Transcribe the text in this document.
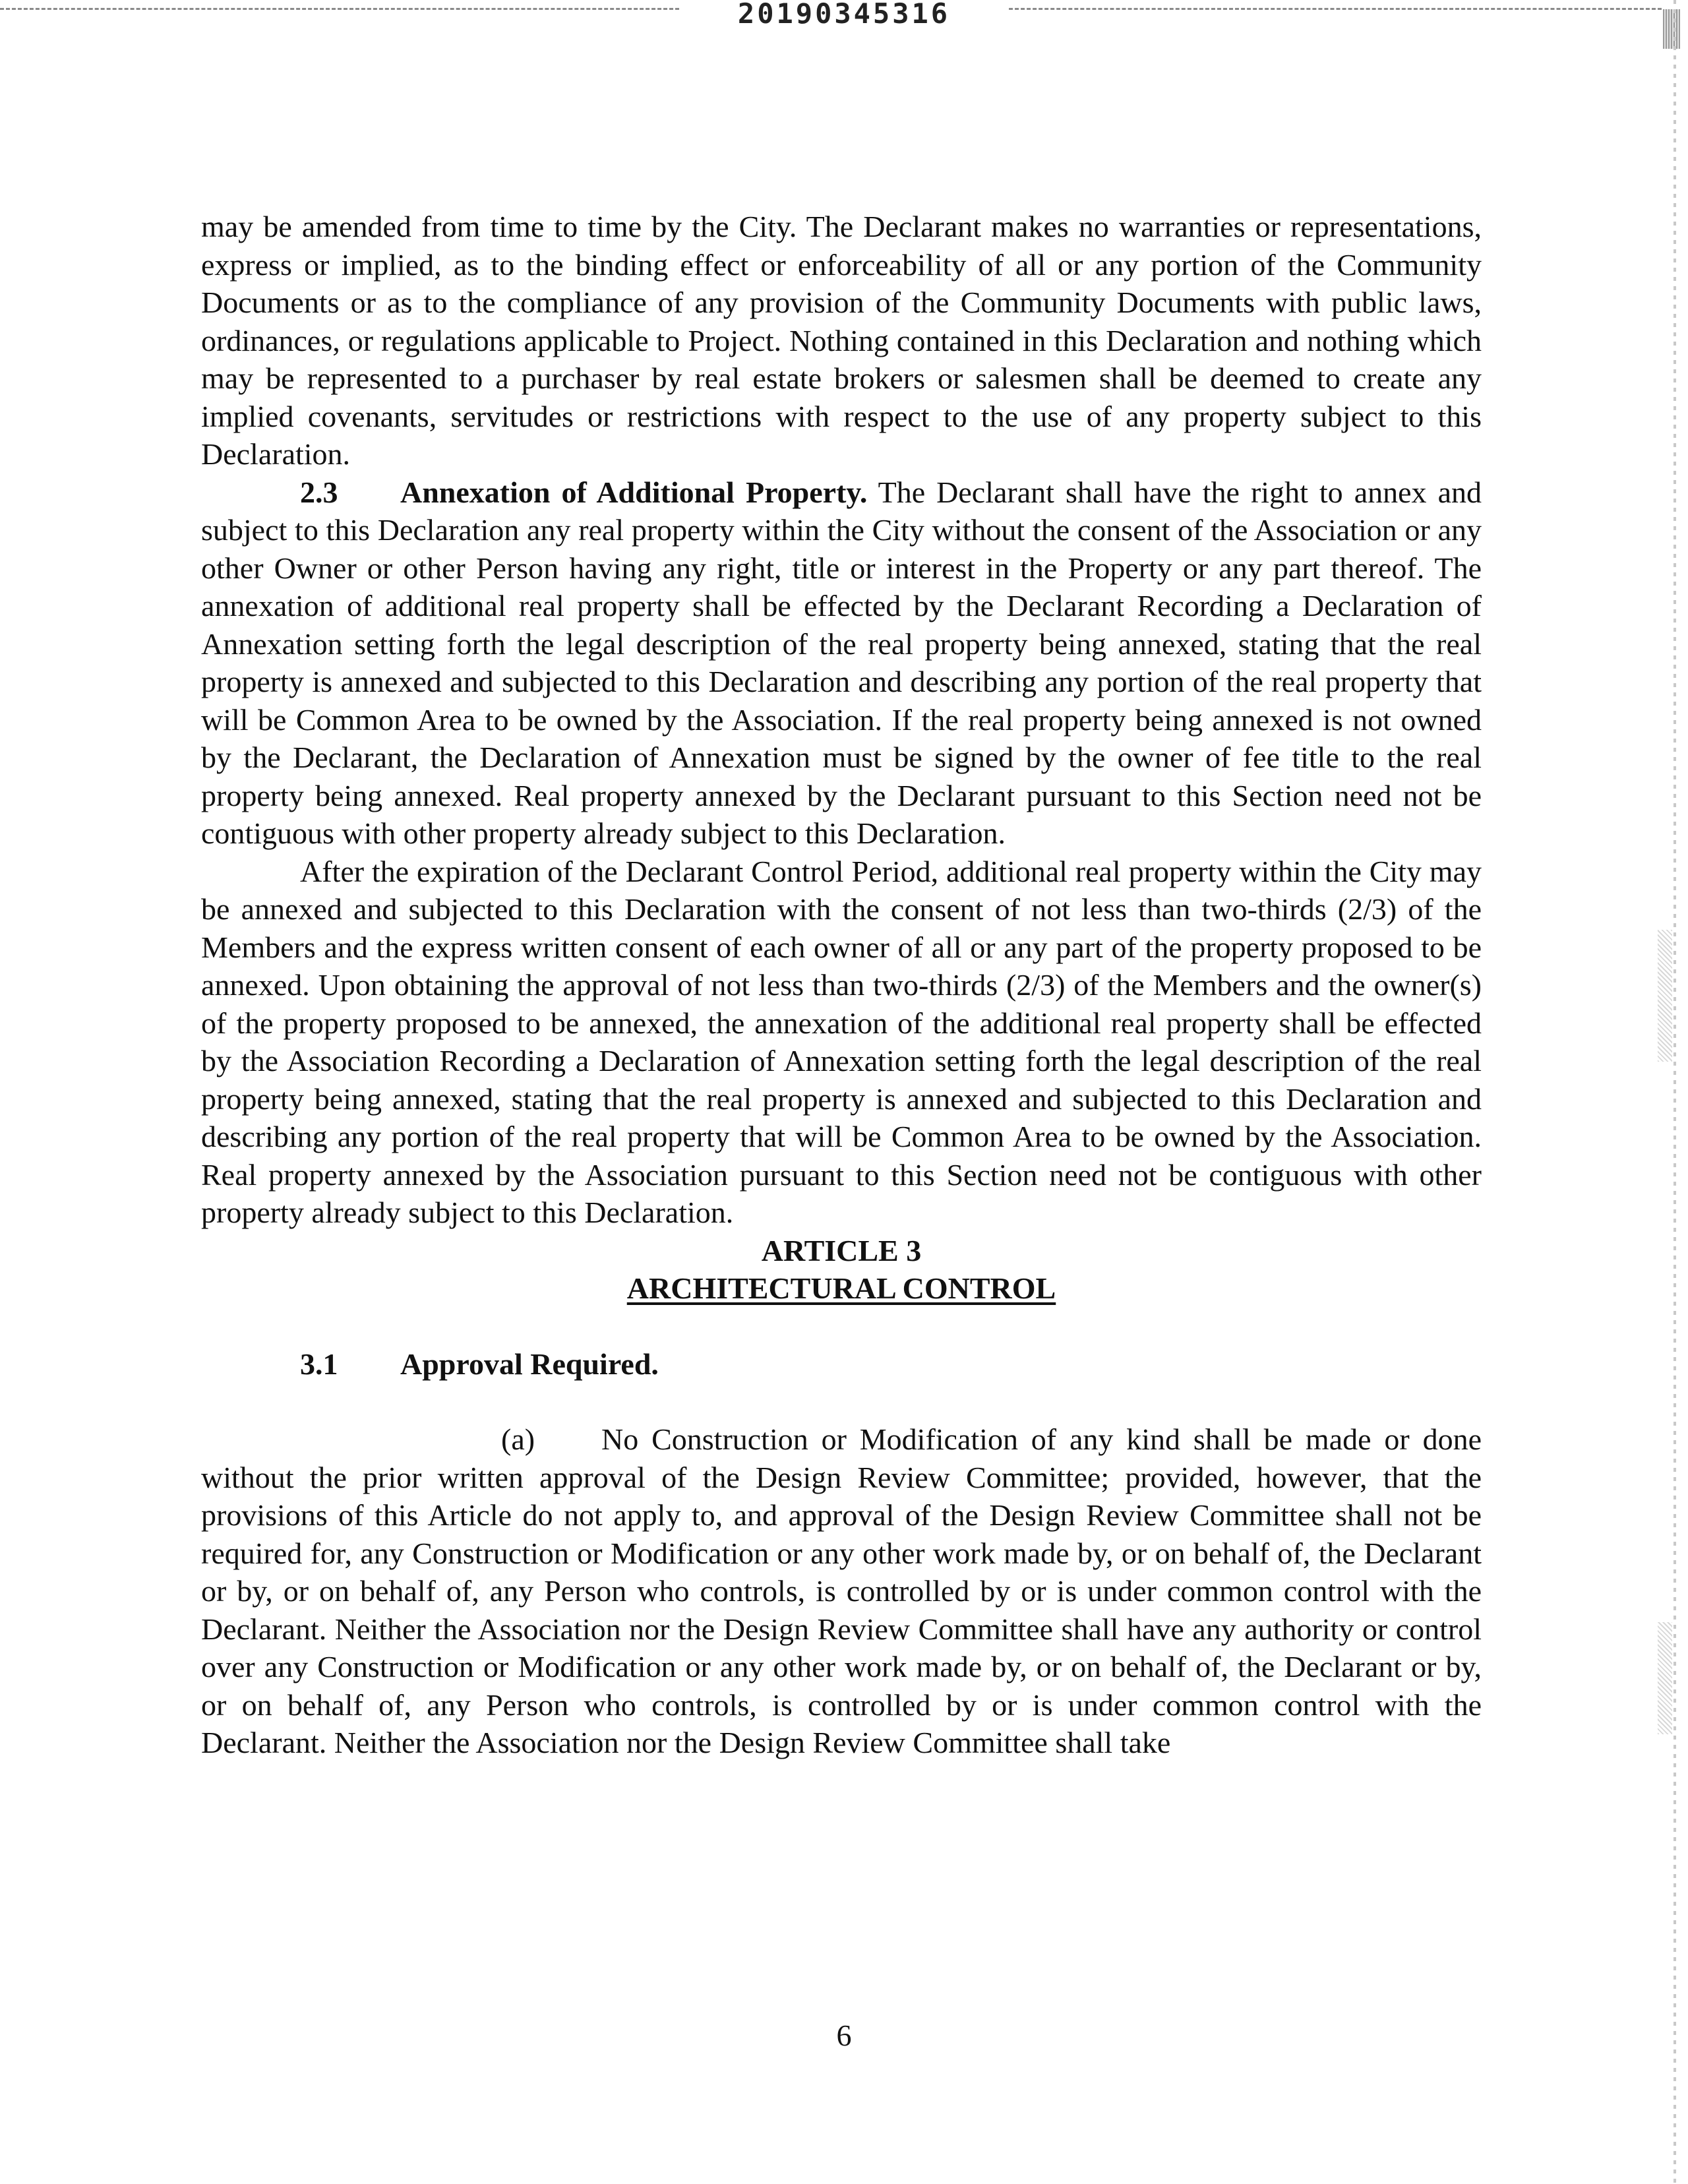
20190345316

may be amended from time to time by the City. The Declarant makes no warranties or representations, express or implied, as to the binding effect or enforceability of all or any portion of the Community Documents or as to the compliance of any provision of the Community Documents with public laws, ordinances, or regulations applicable to Project. Nothing contained in this Declaration and nothing which may be represented to a purchaser by real estate brokers or salesmen shall be deemed to create any implied covenants, servitudes or restrictions with respect to the use of any property subject to this Declaration.

2.3 Annexation of Additional Property. The Declarant shall have the right to annex and subject to this Declaration any real property within the City without the consent of the Association or any other Owner or other Person having any right, title or interest in the Property or any part thereof. The annexation of additional real property shall be effected by the Declarant Recording a Declaration of Annexation setting forth the legal description of the real property being annexed, stating that the real property is annexed and subjected to this Declaration and describing any portion of the real property that will be Common Area to be owned by the Association. If the real property being annexed is not owned by the Declarant, the Declaration of Annexation must be signed by the owner of fee title to the real property being annexed. Real property annexed by the Declarant pursuant to this Section need not be contiguous with other property already subject to this Declaration.

After the expiration of the Declarant Control Period, additional real property within the City may be annexed and subjected to this Declaration with the consent of not less than two-thirds (2/3) of the Members and the express written consent of each owner of all or any part of the property proposed to be annexed. Upon obtaining the approval of not less than two-thirds (2/3) of the Members and the owner(s) of the property proposed to be annexed, the annexation of the additional real property shall be effected by the Association Recording a Declaration of Annexation setting forth the legal description of the real property being annexed, stating that the real property is annexed and subjected to this Declaration and describing any portion of the real property that will be Common Area to be owned by the Association. Real property annexed by the Association pursuant to this Section need not be contiguous with other property already subject to this Declaration.

ARTICLE 3
ARCHITECTURAL CONTROL
3.1 Approval Required.

(a) No Construction or Modification of any kind shall be made or done without the prior written approval of the Design Review Committee; provided, however, that the provisions of this Article do not apply to, and approval of the Design Review Committee shall not be required for, any Construction or Modification or any other work made by, or on behalf of, the Declarant or by, or on behalf of, any Person who controls, is controlled by or is under common control with the Declarant. Neither the Association nor the Design Review Committee shall have any authority or control over any Construction or Modification or any other work made by, or on behalf of, the Declarant or by, or on behalf of, any Person who controls, is controlled by or is under common control with the Declarant. Neither the Association nor the Design Review Committee shall take

6
